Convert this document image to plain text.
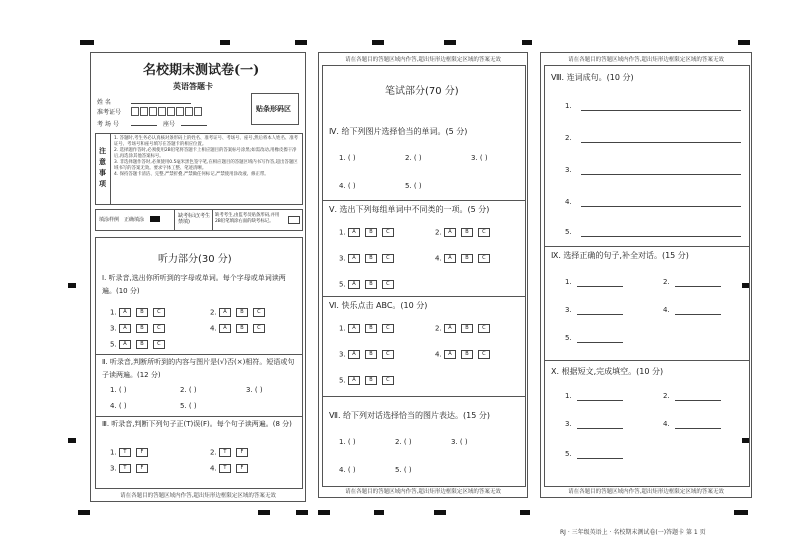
名校期末测试卷(一)
英语答题卡
姓 名
准考证号
考 场 号	座号
贴条形码区
注意事项
1. 答题时,考生务必认真核对条形码上的姓名、准考证号、考场号、座号,然后将本人姓名、准考证号、考场号和座号填写在答题卡的相应位置。
2. 选择题作答时,必须使用2B铅笔将答题卡上相应题目的答案标号涂黑;如需改动,用橡皮擦干净后,再选涂其他答案标号。
3. 非选择题作答时,必须使用0.5毫米黑色签字笔,在相应题目的答题区域内书写作答,超出答题区域书写的答案无效。要求字体工整、笔迹清晰。
4. 保持答题卡清洁、完整,严禁折叠,严禁做任何标记,严禁使用涂改液、修正带。
填涂样例 正确填涂
缺考标记(考生禁填)
缺考考生,由监考员贴条形码,并用2B铅笔填涂右面的缺考标记。
听力部分(30 分)
Ⅰ. 听录音,选出你所听到的字母或单词。每个字母或单词读两遍。(10 分)
1. A	B	C	2. A	B	C
3. A	B	C	4. A	B	C
5. A	B	C
Ⅱ. 听录音,判断所听到的内容与图片是(√)否(×)相符。短语或句子读两遍。(12 分)
1. ( )	2. ( )	3. ( )
4. ( )	5. ( )
Ⅲ. 听录音,判断下列句子正(T)误(F)。每个句子读两遍。(8 分)
1. T	F	2. T	F
3. T	F	4. T	F
请在各题目的答题区域内作答,超出矩形边框限定区域的答案无效
请在各题目的答题区域内作答,超出矩形边框限定区域的答案无效
笔试部分(70 分)
Ⅳ. 给下列图片选择恰当的单词。(5 分)
1. ( )	2. ( )	3. ( )
4. ( )	5. ( )
Ⅴ. 选出下列每组单词中不同类的一项。(5 分)
1. A	B	C	2. A	B	C
3. A	B	C	4. A	B	C
5. A	B	C
Ⅵ. 快乐点击 ABC。(10 分)
1. A	B	C	2. A	B	C
3. A	B	C	4. A	B	C
5. A	B	C
Ⅶ. 给下列对话选择恰当的图片表达。(15 分)
1. ( )	2. ( )	3. ( )
4. ( )	5. ( )
请在各题目的答题区域内作答,超出矩形边框限定区域的答案无效
请在各题目的答题区域内作答,超出矩形边框限定区域的答案无效
Ⅷ. 连词成句。(10 分)
1.
2.
3.
4.
5.
Ⅸ. 选择正确的句子,补全对话。(15 分)
1.	2.
3.	4.
5.
Ⅹ. 根据短文,完成填空。(10 分)
1.	2.
3.	4.
5.
请在各题目的答题区域内作答,超出矩形边框限定区域的答案无效
RJ · 三年级英语上 · 名校期末测试卷(一)答题卡 第 1 页
